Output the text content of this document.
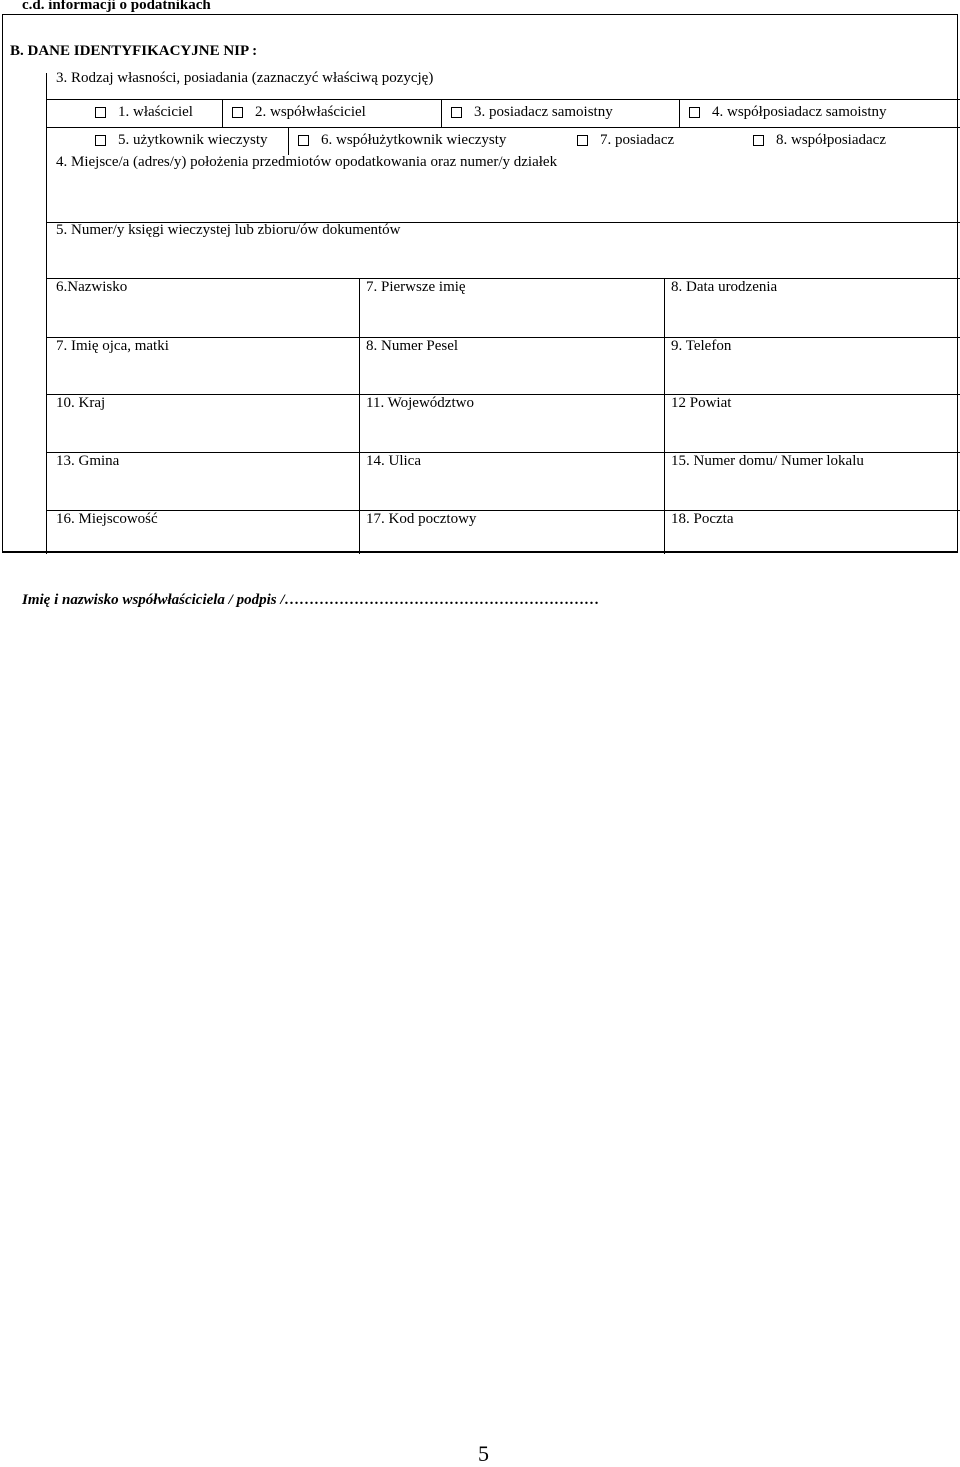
c.d. informacji o podatnikach
B. DANE IDENTYFIKACYJNE NIP :
3. Rodzaj własności, posiadania (zaznaczyć właściwą pozycję)
1. właściciel	2. współwłaściciel	3. posiadacz samoistny	4. współposiadacz samoistny
5. użytkownik wieczysty	6. współużytkownik wieczysty	7. posiadacz	8. współposiadacz
4. Miejsce/a (adres/y) położenia przedmiotów opodatkowania oraz numer/y działek
5. Numer/y księgi wieczystej lub zbioru/ów dokumentów
6.Nazwisko	7. Pierwsze imię	8. Data urodzenia
7. Imię ojca, matki	8. Numer Pesel	9. Telefon
10. Kraj	11. Województwo	12 Powiat
13. Gmina	14. Ulica	15. Numer domu/ Numer lokalu
16. Miejscowość	17. Kod pocztowy	18. Poczta
Imię i nazwisko współwłaściciela / podpis /………………………………………………………
5
